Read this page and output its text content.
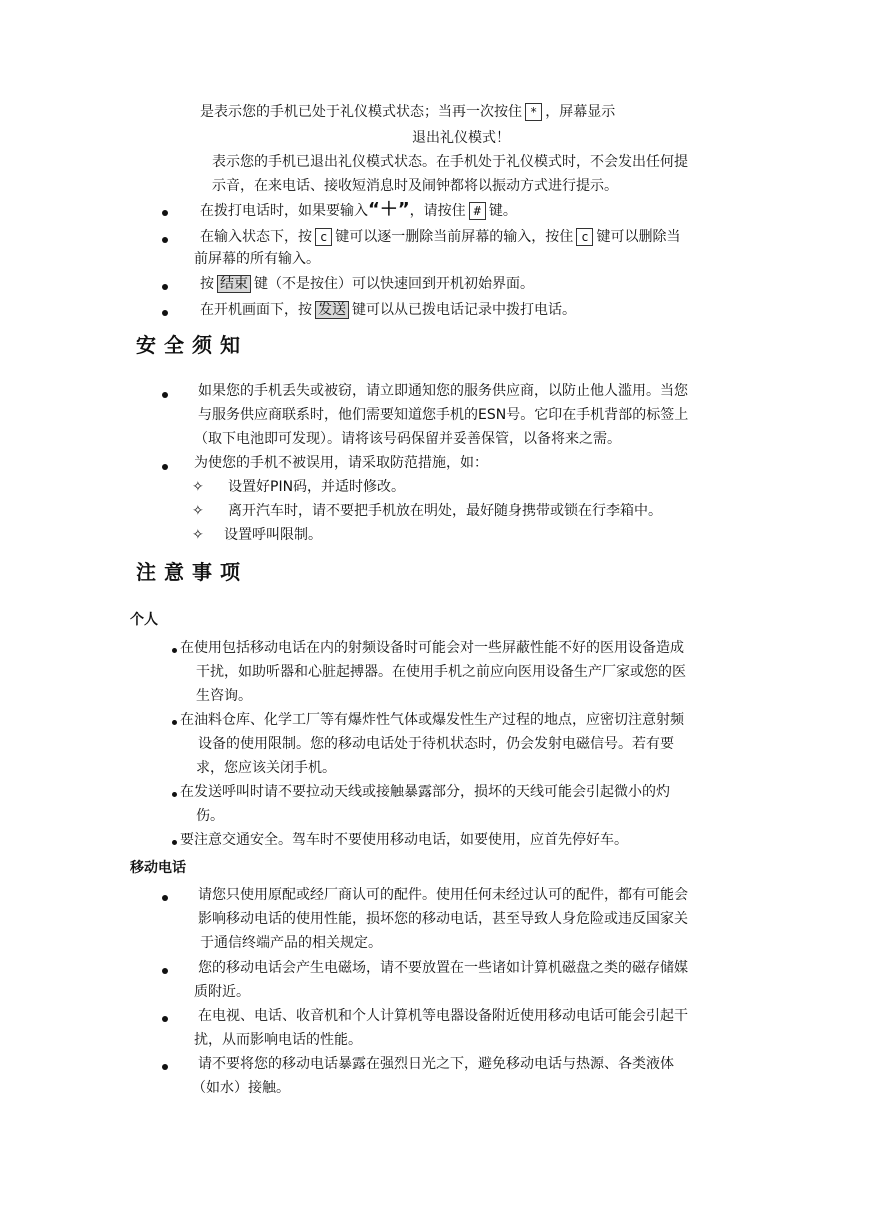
是表示您的手机已处于礼仪模式状态；当再一次按住 * ，屏幕显示
退出礼仪模式！
表示您的手机已退出礼仪模式状态。在手机处于礼仪模式时，不会发出任何提
示音，在来电话、接收短消息时及闹钟都将以振动方式进行提示。
在拨打电话时，如果要输入“＋”，请按住 # 键。
在输入状态下，按 c 键可以逐一删除当前屏幕的输入，按住 c 键可以删除当
前屏幕的所有输入。
按 结束 键（不是按住）可以快速回到开机初始界面。
在开机画面下，按 发送 键可以从已拨电话记录中拨打电话。
安全须知
如果您的手机丢失或被窃，请立即通知您的服务供应商，以防止他人滥用。当您
与服务供应商联系时，他们需要知道您手机的ESN号。它印在手机背部的标签上
（取下电池即可发现）。请将该号码保留并妥善保管，以备将来之需。
为使您的手机不被误用，请采取防范措施，如：
✧ 设置好PIN码，并适时修改。
✧ 离开汽车时，请不要把手机放在明处，最好随身携带或锁在行李箱中。
✧ 设置呼叫限制。
注意事项
个人
在使用包括移动电话在内的射频设备时可能会对一些屏蔽性能不好的医用设备造成
干扰，如助听器和心脏起搏器。在使用手机之前应向医用设备生产厂家或您的医
生咨询。
在油料仓库、化学工厂等有爆炸性气体或爆发性生产过程的地点，应密切注意射频
设备的使用限制。您的移动电话处于待机状态时，仍会发射电磁信号。若有要
求，您应该关闭手机。
在发送呼叫时请不要拉动天线或接触暴露部分，损坏的天线可能会引起微小的灼
伤。
要注意交通安全。驾车时不要使用移动电话，如要使用，应首先停好车。
移动电话
请您只使用原配或经厂商认可的配件。使用任何未经过认可的配件，都有可能会
影响移动电话的使用性能，损坏您的移动电话，甚至导致人身危险或违反国家关
于通信终端产品的相关规定。
您的移动电话会产生电磁场，请不要放置在一些诸如计算机磁盘之类的磁存储媒
质附近。
在电视、电话、收音机和个人计算机等电器设备附近使用移动电话可能会引起干
扰，从而影响电话的性能。
请不要将您的移动电话暴露在强烈日光之下，避免移动电话与热源、各类液体
（如水）接触。
